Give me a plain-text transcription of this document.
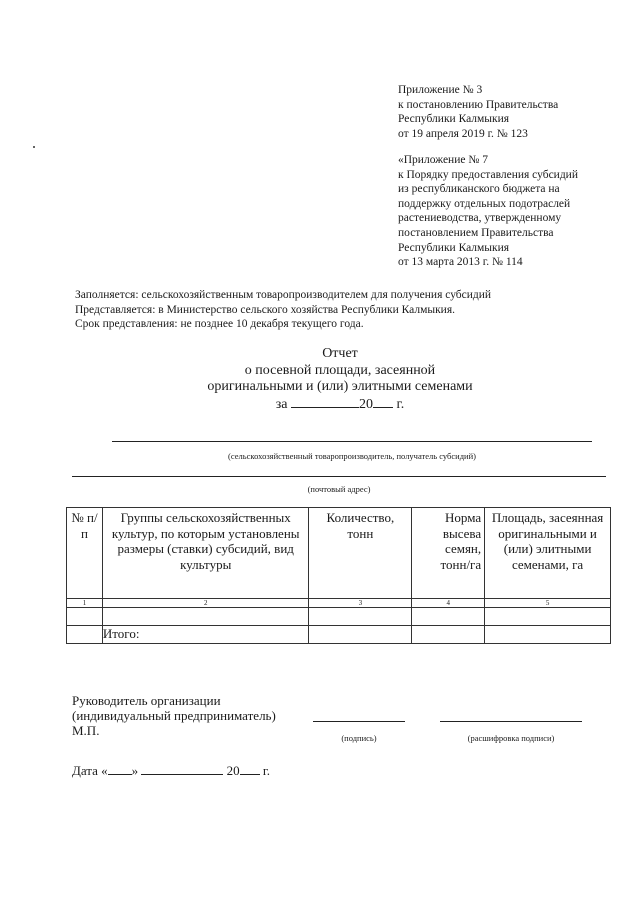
Приложение № 3
к постановлению Правительства
Республики Калмыкия
от 19 апреля 2019 г. № 123
«Приложение № 7
к Порядку предоставления субсидий
из республиканского бюджета на
поддержку отдельных подотраслей
растениеводства, утвержденному
постановлением Правительства
Республики Калмыкия
от 13 марта 2013 г. № 114
Заполняется: сельскохозяйственным товаропроизводителем для получения субсидий
Представляется: в Министерство сельского хозяйства Республики Калмыкия.
Срок представления: не позднее 10 декабря текущего года.
Отчет
о посевной площади, засеянной
оригинальными и (или) элитными семенами
за	20 г.
(сельскохозяйственный товаропроизводитель, получатель субсидий)
(почтовый адрес)
№ п/п	Группы сельскохозяйственных культур, по которым установлены размеры (ставки) субсидий, вид культуры	Количество, тонн	Норма высева семян, тонн/га	Площадь, засеянная оригинальными и (или) элитными семенами, га
1	2	3	4	5

	Итого:			
Руководитель организации
(индивидуальный предприниматель)
М.П.	(подпись)	(расшифровка подписи)
Дата « »	20 г.
